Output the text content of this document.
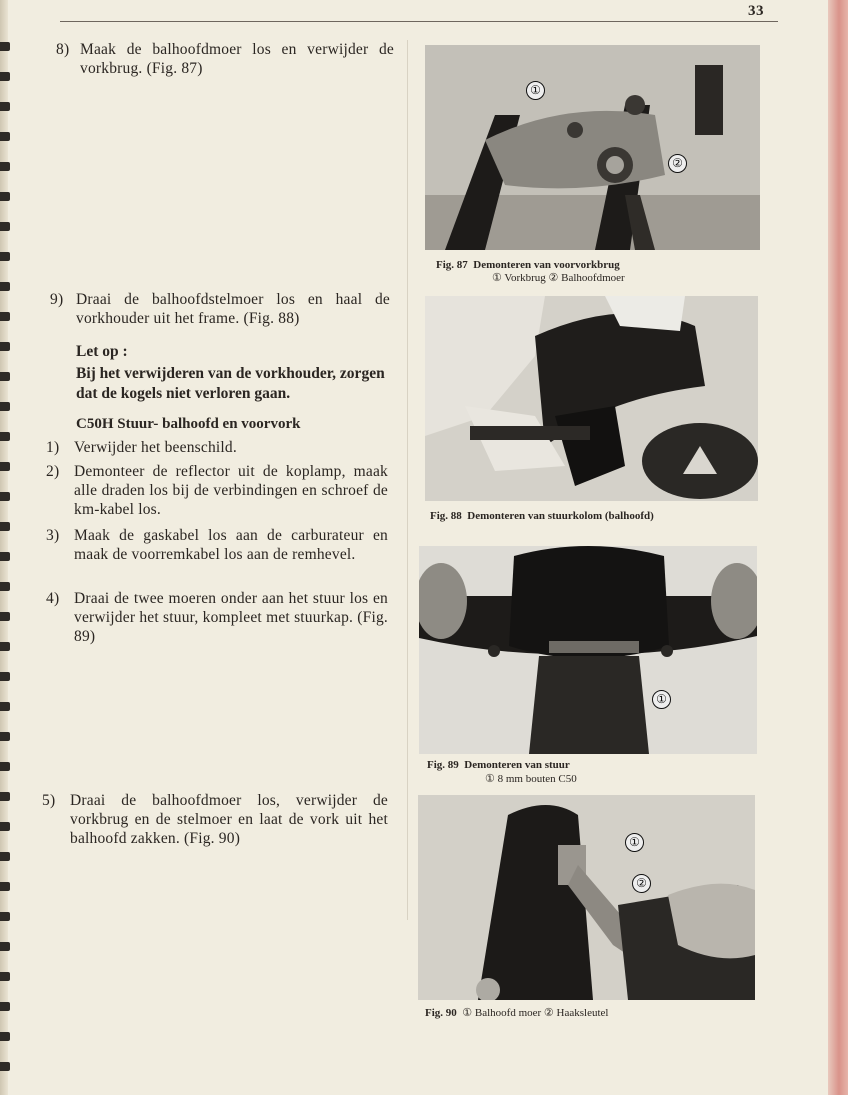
33
8) Maak de balhoofdmoer los en verwijder de vorkbrug. (Fig. 87)
9) Draai de balhoofdstelmoer los en haal de vorkhouder uit het frame. (Fig. 88)
Let op :
Bij het verwijderen van de vorkhouder, zorgen dat de kogels niet verloren gaan.
C50H Stuur- balhoofd en voorvork
1) Verwijder het beenschild.
2) Demonteer de reflector uit de koplamp, maak alle draden los bij de verbindingen en schroef de km-kabel los.
3) Maak de gaskabel los aan de carburateur en maak de voorremkabel los aan de remhevel.
4) Draai de twee moeren onder aan het stuur los en verwijder het stuur, kompleet met stuurkap. (Fig. 89)
5) Draai de balhoofdmoer los, verwijder de vorkbrug en de stelmoer en laat de vork uit het balhoofd zakken. (Fig. 90)
①
②
Fig. 87 Demonteren van voorvorkbrug
① Vorkbrug ② Balhoofdmoer
Fig. 88 Demonteren van stuurkolom (balhoofd)
①
Fig. 89 Demonteren van stuur
① 8 mm bouten C50
①
②
Fig. 90 ① Balhoofd moer ② Haaksleutel
